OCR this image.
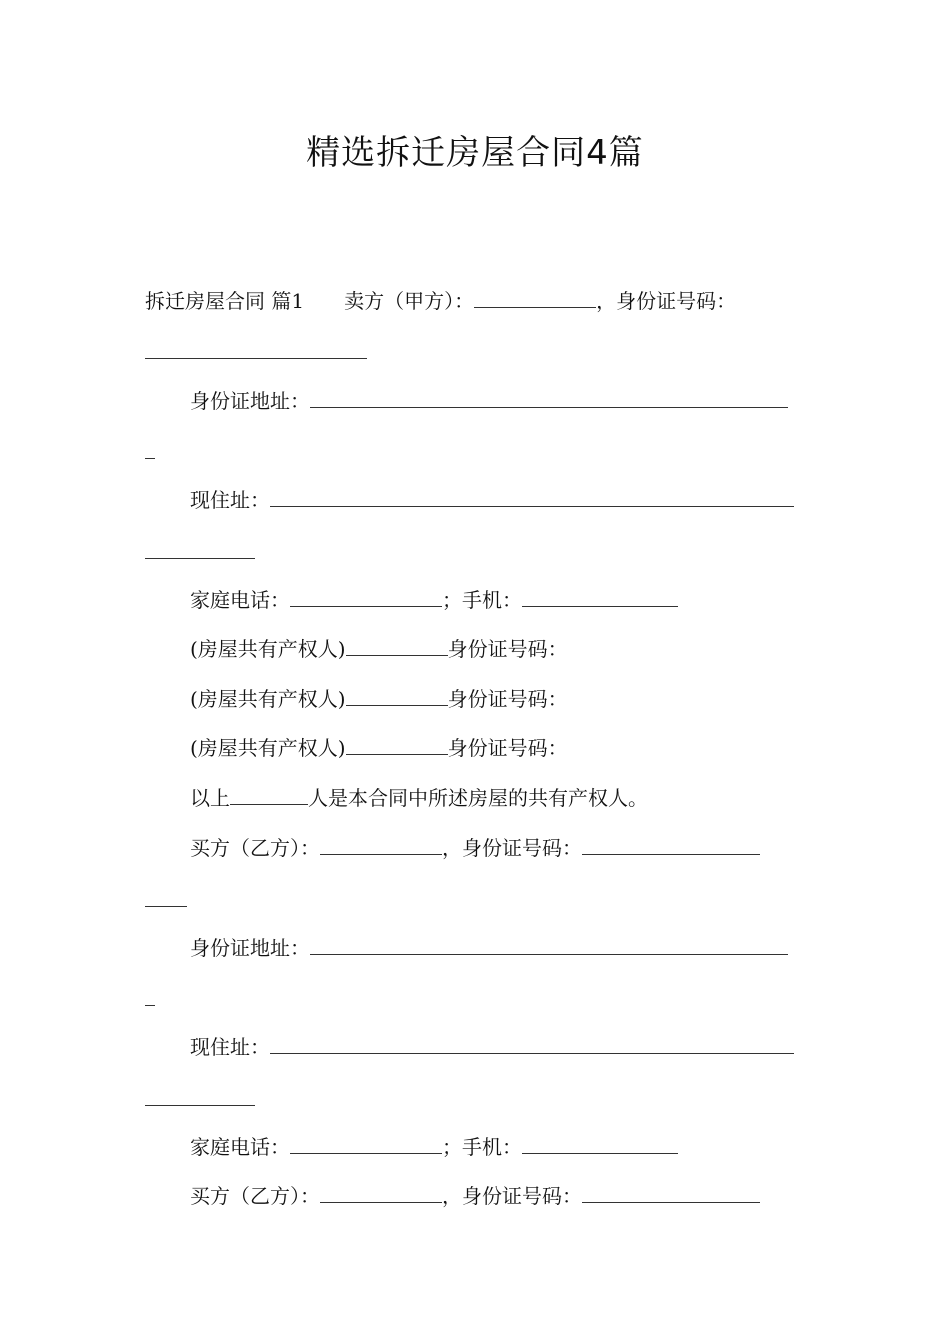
精选拆迁房屋合同4篇
拆迁房屋合同 篇1 卖方（甲方）：	，身份证号码：
身份证地址：
现住址：
家庭电话：	；手机：
(房屋共有产权人)	身份证号码：
(房屋共有产权人)	身份证号码：
(房屋共有产权人)	身份证号码：
以上	人是本合同中所述房屋的共有产权人。
买方（乙方）：	，身份证号码：
身份证地址：
现住址：
家庭电话：	；手机：
买方（乙方）：	，身份证号码：
